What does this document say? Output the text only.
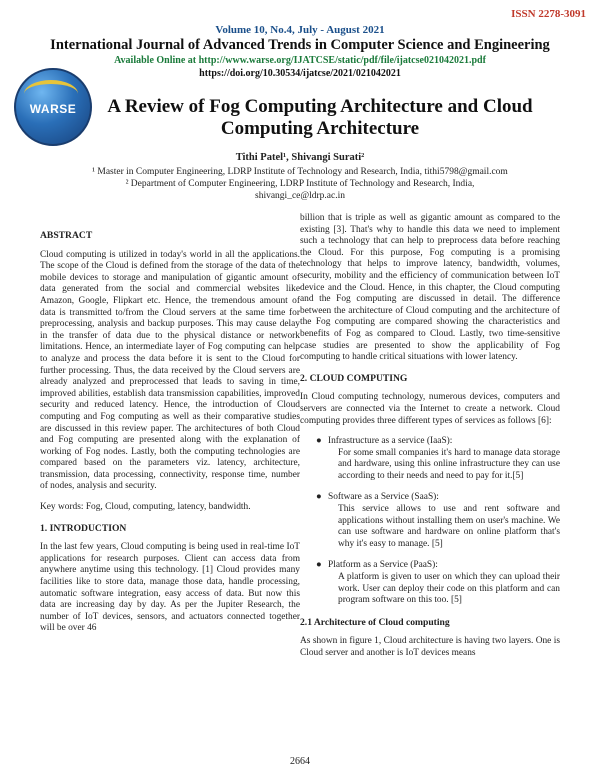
ISSN 2278-3091
Volume 10, No.4, July - August 2021
International Journal of Advanced Trends in Computer Science and Engineering
Available Online at http://www.warse.org/IJATCSE/static/pdf/file/ijatcse021042021.pdf
https://doi.org/10.30534/ijatcse/2021/021042021
WARSE	A Review of Fog Computing Architecture and Cloud Computing Architecture
Tithi Patel¹, Shivangi Surati²
¹ Master in Computer Engineering, LDRP Institute of Technology and Research, India, tithi5798@gmail.com
² Department of Computer Engineering, LDRP Institute of Technology and Research, India,
shivangi_ce@ldrp.ac.in
ABSTRACT

Cloud computing is utilized in today's world in all the applications. The scope of the Cloud is defined from the storage of the data of the mobile devices to storage and manipulation of gigantic amount of data generated from the social and commercial websites like Amazon, Google, Flipkart etc. Hence, the tremendous amount of data is transmitted to/from the Cloud servers at the same time for preprocessing, analysis and backup purposes. This may cause delay in the transfer of data due to the physical distance or network limitations. Hence, an intermediate layer of Fog computing can help to analyze and process the data before it is sent to the Cloud for further processing. Thus, the data received by the Cloud servers are already analyzed and preprocessed that leads to saving in time, improved abilities, establish data transmission capabilities, improved security and reduced latency. Hence, the introduction of Cloud computing and Fog computing as well as their comparative studies are discussed in this review paper. The architectures of both Cloud and Fog computing are presented along with the explanation of working of Fog nodes. Lastly, both the computing technologies are compared based on the parameters viz. latency, architecture, transmission, data processing, connectivity, response time, number of nodes, analysis and security.

Key words: Fog, Cloud, computing, latency, bandwidth.

1. INTRODUCTION

In the last few years, Cloud computing is being used in real-time IoT applications for research purposes. Client can access data from anywhere anytime using this technology. [1] Cloud provides many facilities like to store data, manage those data, handle processing, automatic software integration, easy access of data. But now this data are increasing day by day. As per the Jupiter Research, the number of IoT devices, sensors, and actuators connected together will be over 46

billion that is triple as well as gigantic amount as compared to the existing [3]. That's why to handle this data we need to implement such a technology that can help to preprocess data before reaching the Cloud. For this purpose, Fog computing is a promising technology that helps to improve latency, bandwidth, volumes, security, mobility and the efficiency of communication between IoT device and the Cloud. Hence, in this chapter, the Cloud computing and the Fog computing are discussed in detail. The difference between the architecture of Cloud computing and the architecture of the Fog computing are compared showing the characteristics and benefits of Fog as compared to Cloud. Lastly, two time-sensitive case studies are presented to show the applicability of Fog computing to handle critical situations with lower latency.

2. CLOUD COMPUTING

In Cloud computing technology, numerous devices, computers and servers are connected via the Internet to create a network. Cloud computing provides three different types of services as follows [6]:

● Infrastructure as a service (IaaS):
For some small companies it's hard to manage data storage and hardware, using this online infrastructure they can use according to their needs and need to pay for it.[5]
● Software as a Service (SaaS):
This service allows to use and rent software and applications without installing them on user's machine. We can use software and hardware on online platform that's why it's easy to manage. [5]
● Platform as a Service (PaaS):
A platform is given to user on which they can upload their work. User can deploy their code on this platform and can program software on this too. [5]
2.1 Architecture of Cloud computing

As shown in figure 1, Cloud architecture is having two layers. One is Cloud server and another is IoT devices means

2664
